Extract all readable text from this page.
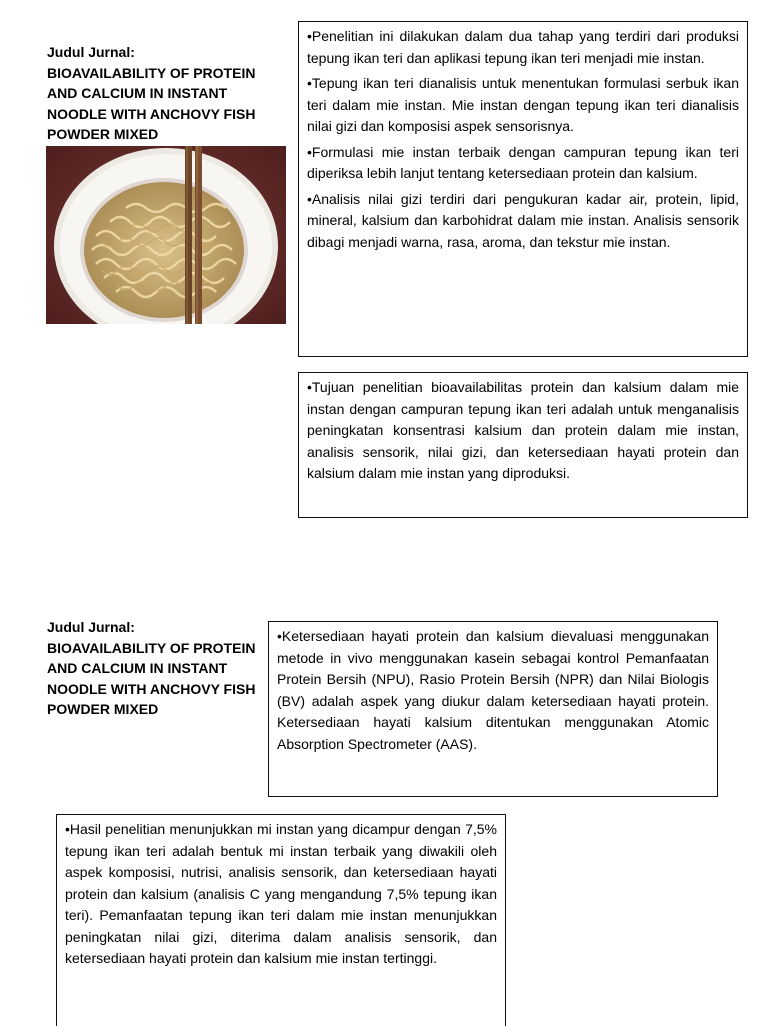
Judul Jurnal:
BIOAVAILABILITY OF PROTEIN AND CALCIUM IN INSTANT NOODLE WITH ANCHOVY FISH POWDER MIXED

•Penelitian ini dilakukan dalam dua tahap yang terdiri dari produksi tepung ikan teri dan aplikasi tepung ikan teri menjadi mie instan.

•Tepung ikan teri dianalisis untuk menentukan formulasi serbuk ikan teri dalam mie instan. Mie instan dengan tepung ikan teri dianalisis nilai gizi dan komposisi aspek sensorisnya.

•Formulasi mie instan terbaik dengan campuran tepung ikan teri diperiksa lebih lanjut tentang ketersediaan protein dan kalsium.

•Analisis nilai gizi terdiri dari pengukuran kadar air, protein, lipid, mineral, kalsium dan karbohidrat dalam mie instan. Analisis sensorik dibagi menjadi warna, rasa, aroma, dan tekstur mie instan.

•Tujuan penelitian bioavailabilitas protein dan kalsium dalam mie instan dengan campuran tepung ikan teri adalah untuk menganalisis peningkatan konsentrasi kalsium dan protein dalam mie instan, analisis sensorik, nilai gizi, dan ketersediaan hayati protein dan kalsium dalam mie instan yang diproduksi.

Judul Jurnal:
BIOAVAILABILITY OF PROTEIN AND CALCIUM IN INSTANT NOODLE WITH ANCHOVY FISH POWDER MIXED

•Ketersediaan hayati protein dan kalsium dievaluasi menggunakan metode in vivo menggunakan kasein sebagai kontrol Pemanfaatan Protein Bersih (NPU), Rasio Protein Bersih (NPR) dan Nilai Biologis (BV) adalah aspek yang diukur dalam ketersediaan hayati protein. Ketersediaan hayati kalsium ditentukan menggunakan Atomic Absorption Spectrometer (AAS).

•Hasil penelitian menunjukkan mi instan yang dicampur dengan 7,5% tepung ikan teri adalah bentuk mi instan terbaik yang diwakili oleh aspek komposisi, nutrisi, analisis sensorik, dan ketersediaan hayati protein dan kalsium (analisis C yang mengandung 7,5% tepung ikan teri). Pemanfaatan tepung ikan teri dalam mie instan menunjukkan peningkatan nilai gizi, diterima dalam analisis sensorik, dan ketersediaan hayati protein dan kalsium mie instan tertinggi.
